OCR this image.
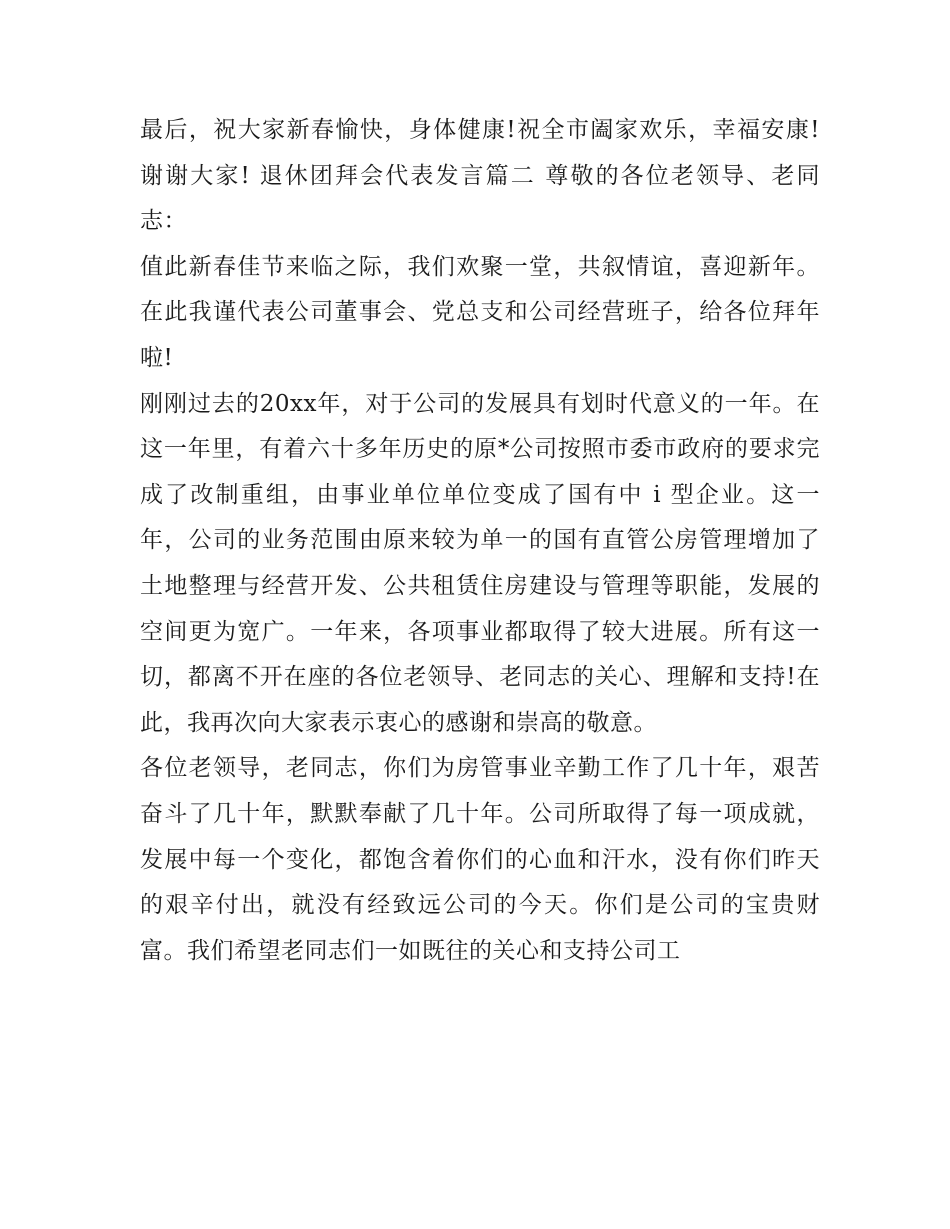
最后，祝大家新春愉快，身体健康!祝全市阖家欢乐，幸福安康! 谢谢大家! 退休团拜会代表发言篇二 尊敬的各位老领导、老同志：

值此新春佳节来临之际，我们欢聚一堂，共叙情谊，喜迎新年。在此我谨代表公司董事会、党总支和公司经营班子，给各位拜年啦!

刚刚过去的20xx年，对于公司的发展具有划时代意义的一年。在这一年里，有着六十多年历史的原*公司按照市委市政府的要求完成了改制重组，由事业单位单位变成了国有中 i 型企业。这一年，公司的业务范围由原来较为单一的国有直管公房管理增加了土地整理与经营开发、公共租赁住房建设与管理等职能，发展的空间更为宽广。一年来，各项事业都取得了较大进展。所有这一切，都离不开在座的各位老领导、老同志的关心、理解和支持!在此，我再次向大家表示衷心的感谢和崇高的敬意。

各位老领导，老同志，你们为房管事业辛勤工作了几十年，艰苦奋斗了几十年，默默奉献了几十年。公司所取得了每一项成就，发展中每一个变化，都饱含着你们的心血和汗水，没有你们昨天的艰辛付出，就没有经致远公司的今天。你们是公司的宝贵财富。我们希望老同志们一如既往的关心和支持公司工
